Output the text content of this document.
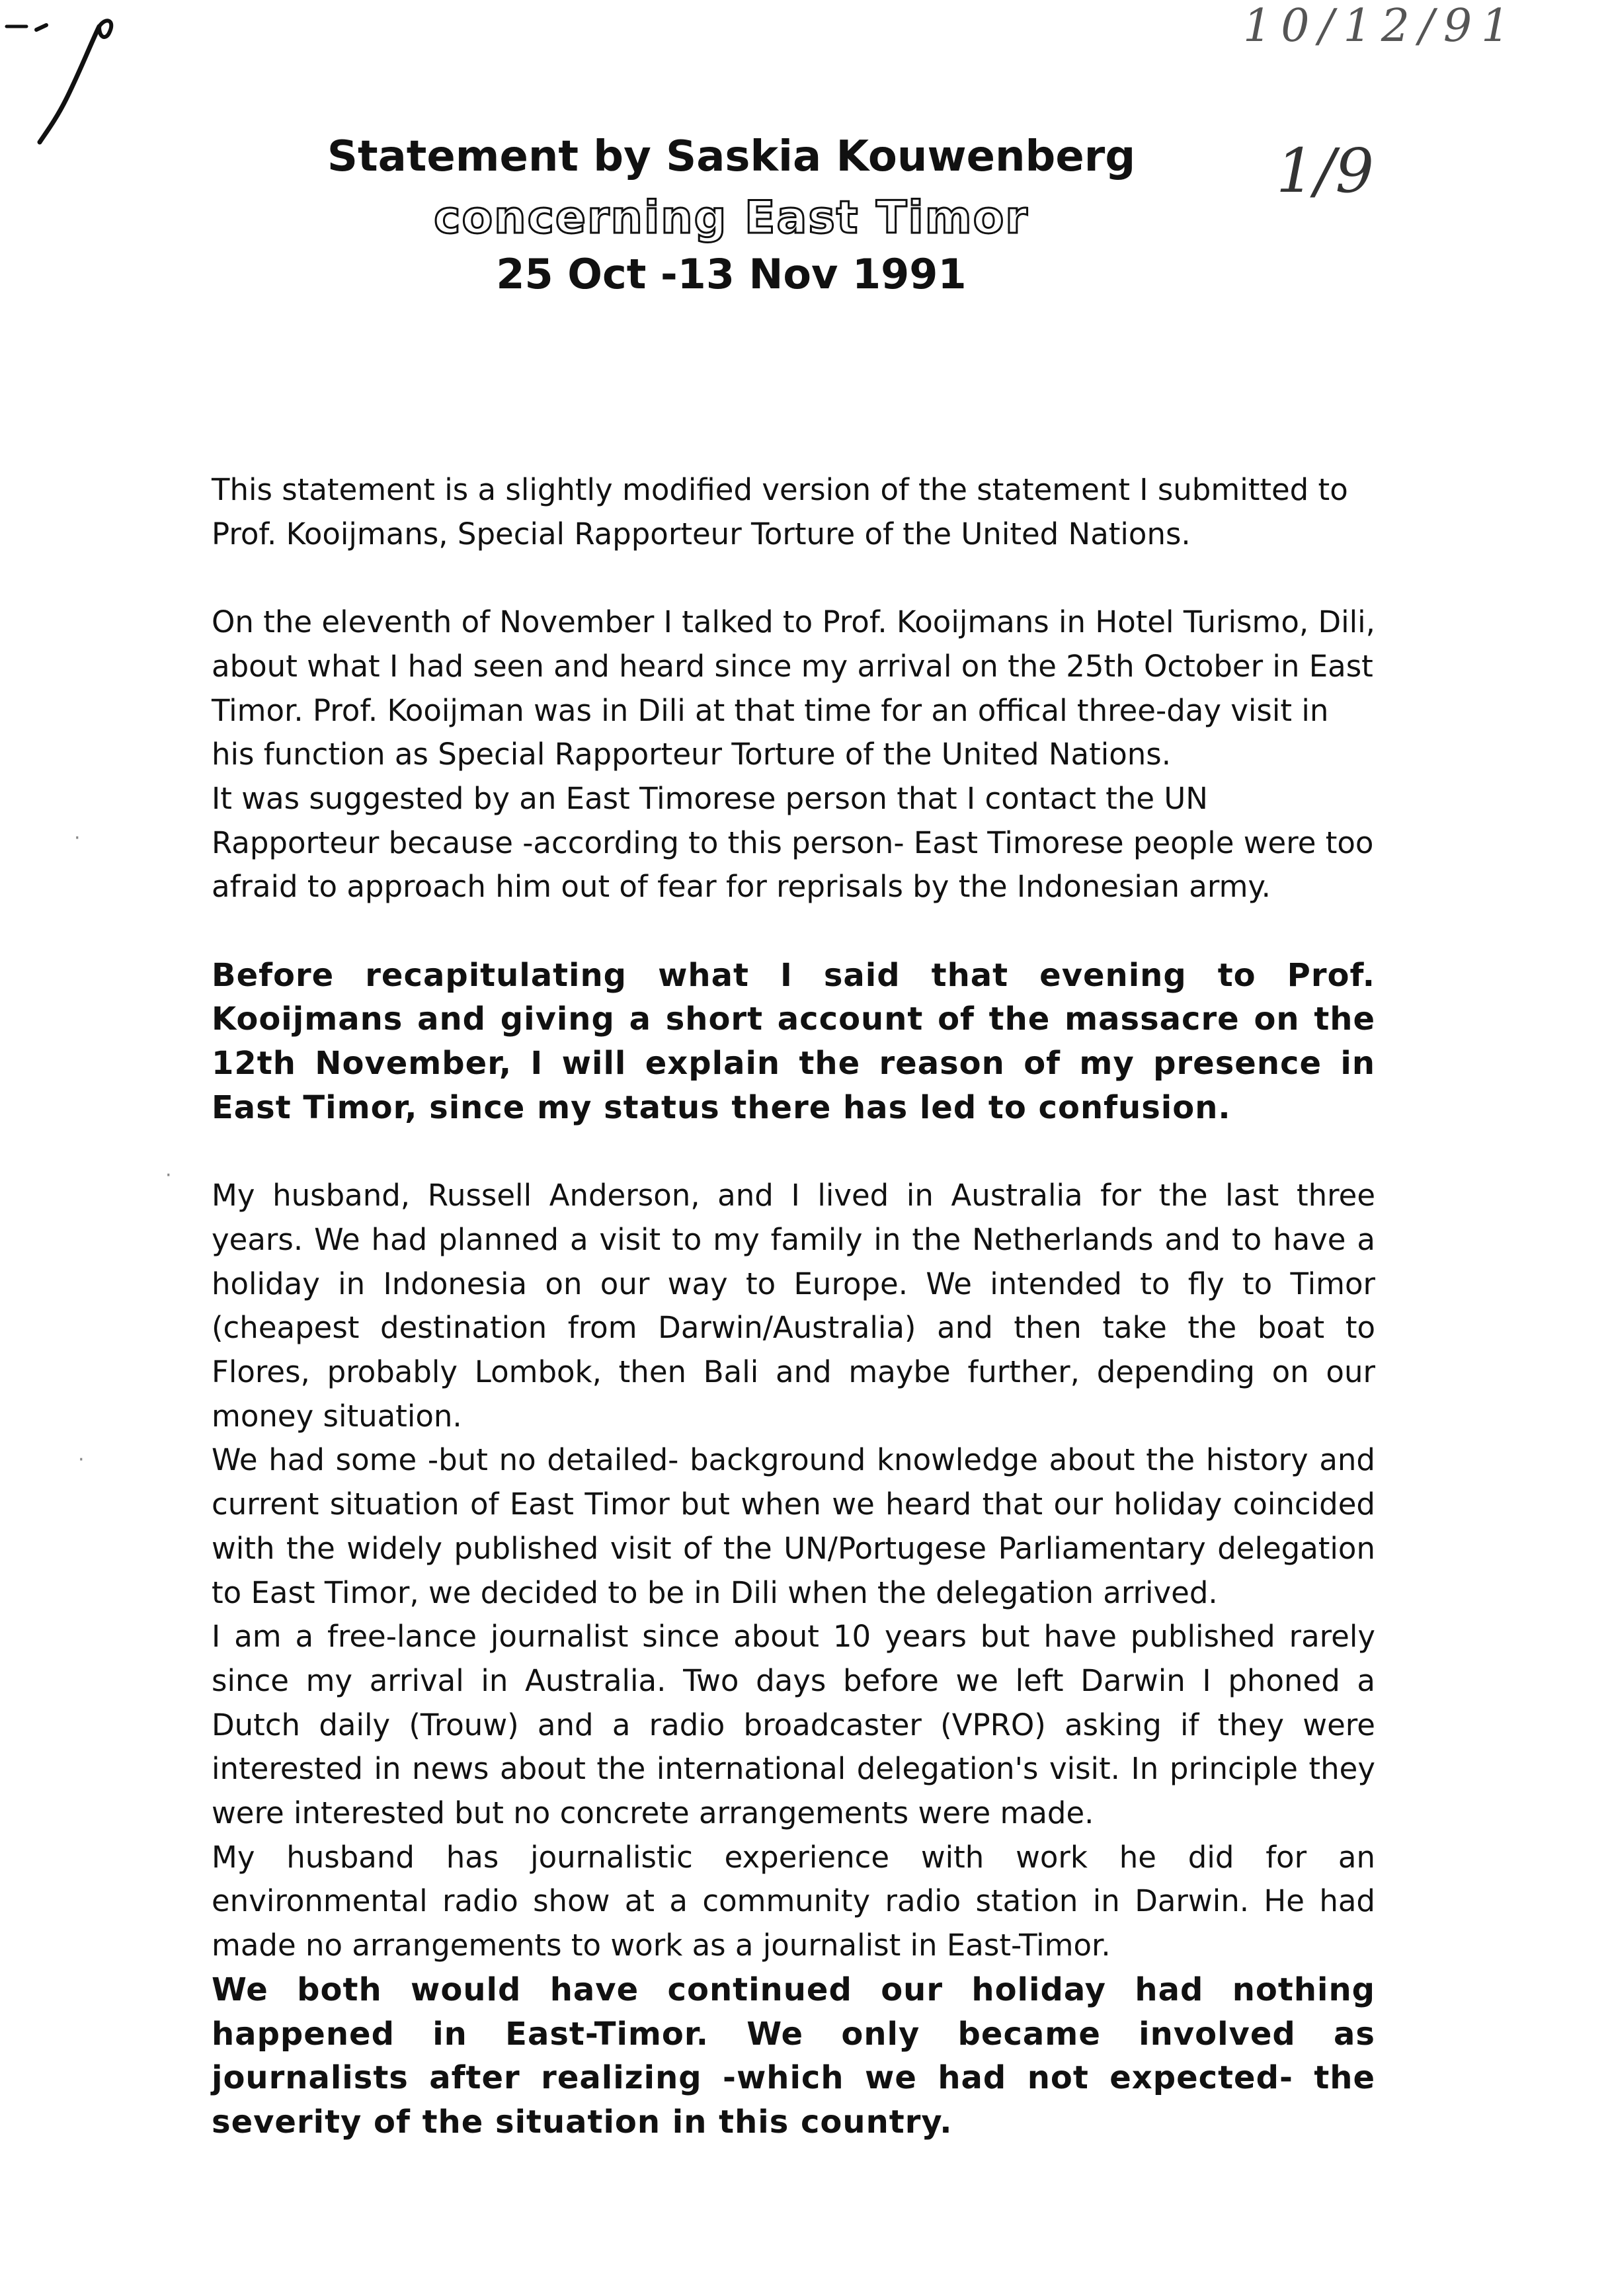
10/12/91
1/9
Statement by Saskia Kouwenberg
concerning East Timor
25 Oct -13 Nov 1991

This statement is a slightly modified version of the statement I submitted to Prof. Kooijmans, Special Rapporteur Torture of the United Nations.

On the eleventh of November I talked to Prof. Kooijmans in Hotel Turismo, Dili, about what I had seen and heard since my arrival on the 25th October in East Timor. Prof. Kooijman was in Dili at that time for an offical three-day visit in his function as Special Rapporteur Torture of the United Nations.

It was suggested by an East Timorese person that I contact the UN Rapporteur because -according to this person- East Timorese people were too afraid to approach him out of fear for reprisals by the Indonesian army.

Before recapitulating what I said that evening to Prof. Kooijmans and giving a short account of the massacre on the 12th November, I will explain the reason of my presence in East Timor, since my status there has led to confusion.

My husband, Russell Anderson, and I lived in Australia for the last three years. We had planned a visit to my family in the Netherlands and to have a holiday in Indonesia on our way to Europe. We intended to fly to Timor (cheapest destination from Darwin/Australia) and then take the boat to Flores, probably Lombok, then Bali and maybe further, depending on our money situation.

We had some -but no detailed- background knowledge about the history and current situation of East Timor but when we heard that our holiday coincided with the widely published visit of the UN/Portugese Parliamentary delegation to East Timor, we decided to be in Dili when the delegation arrived.

I am a free-lance journalist since about 10 years but have published rarely since my arrival in Australia. Two days before we left Darwin I phoned a Dutch daily (Trouw) and a radio broadcaster (VPRO) asking if they were interested in news about the international delegation's visit. In principle they were interested but no concrete arrangements were made.

My husband has journalistic experience with work he did for an environmental radio show at a community radio station in Darwin. He had made no arrangements to work as a journalist in East-Timor.

We both would have continued our holiday had nothing happened in East-Timor. We only became involved as journalists after realizing -which we had not expected- the severity of the situation in this country.

·
·
·
